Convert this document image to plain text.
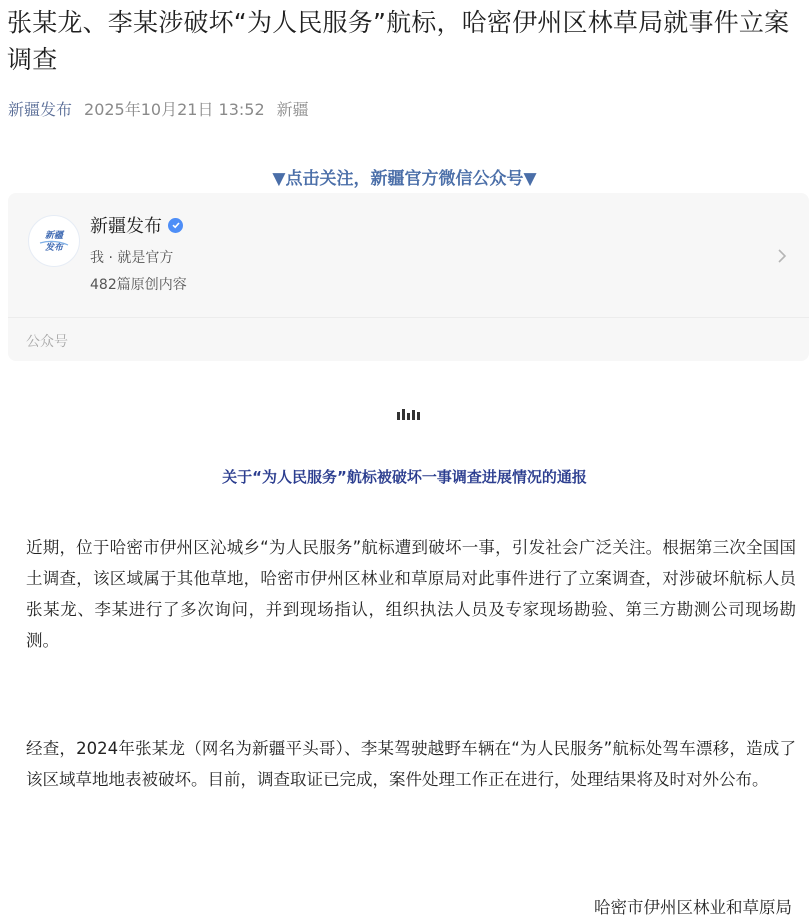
张某龙、李某涉破坏“为人民服务”航标，哈密伊州区林草局就事件立案调查
新疆发布 2025年10月21日 13:52 新疆
▼点击关注，新疆官方微信公众号▼
新疆
发布
新疆发布
我 · 就是官方
482篇原创内容
公众号
关于“为人民服务”航标被破坏一事调查进展情况的通报

近期，位于哈密市伊州区沁城乡“为人民服务”航标遭到破坏一事，引发社会广泛关注。根据第三次全国国土调查，该区域属于其他草地，哈密市伊州区林业和草原局对此事件进行了立案调查，对涉破坏航标人员张某龙、李某进行了多次询问，并到现场指认，组织执法人员及专家现场勘验、第三方勘测公司现场勘测。

经查，2024年张某龙（网名为新疆平头哥）、李某驾驶越野车辆在“为人民服务”航标处驾车漂移，造成了该区域草地地表被破坏。目前，调查取证已完成，案件处理工作正在进行，处理结果将及时对外公布。

哈密市伊州区林业和草原局
